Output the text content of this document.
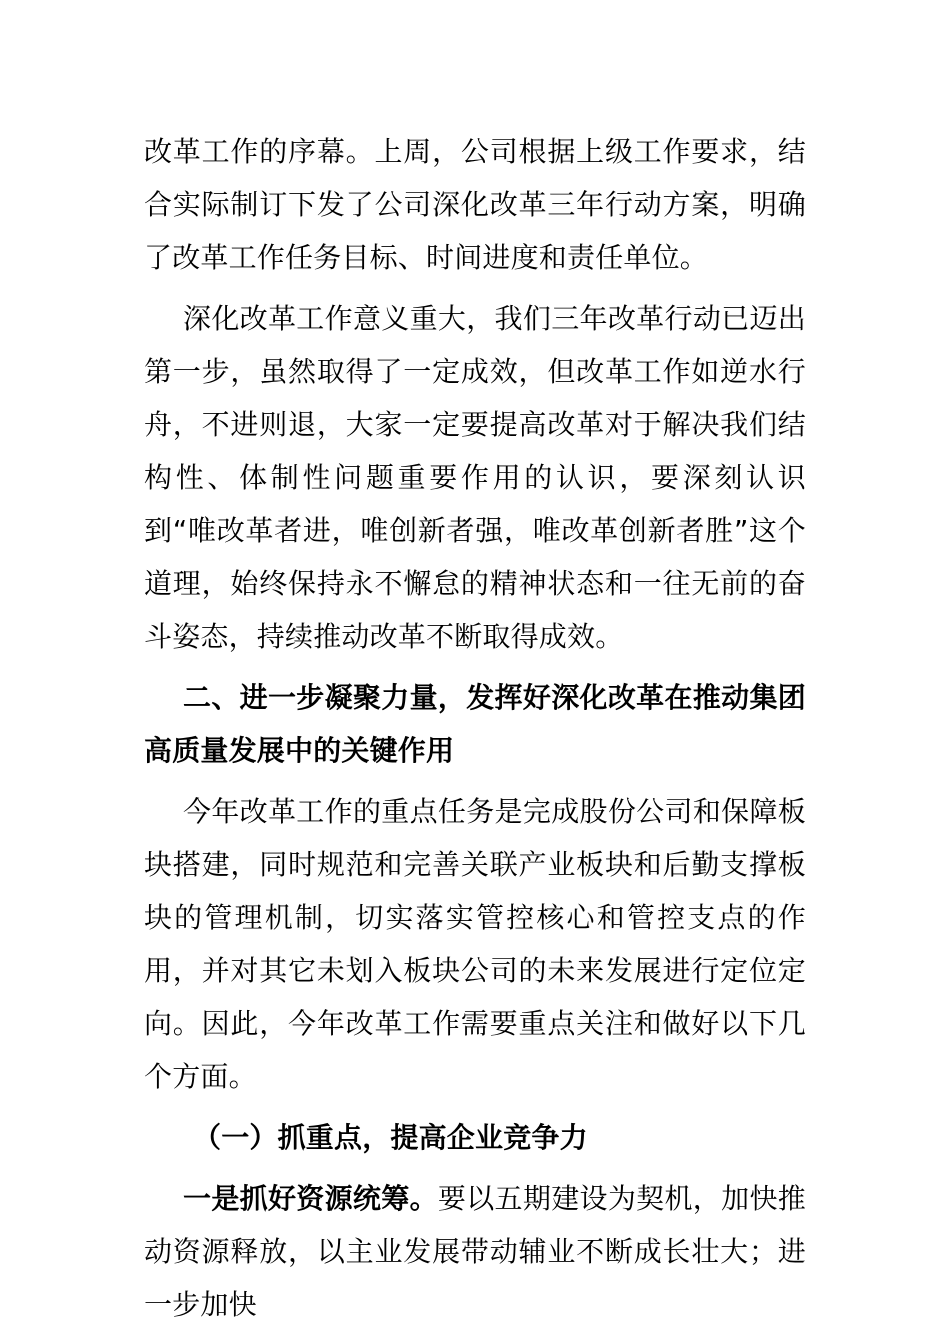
改革工作的序幕。上周，公司根据上级工作要求，结合实际制订下发了公司深化改革三年行动方案，明确了改革工作任务目标、时间进度和责任单位。

深化改革工作意义重大，我们三年改革行动已迈出第一步，虽然取得了一定成效，但改革工作如逆水行舟，不进则退，大家一定要提高改革对于解决我们结构性、体制性问题重要作用的认识，要深刻认识到“唯改革者进，唯创新者强，唯改革创新者胜”这个道理，始终保持永不懈怠的精神状态和一往无前的奋斗姿态，持续推动改革不断取得成效。

二、进一步凝聚力量，发挥好深化改革在推动集团高质量发展中的关键作用

今年改革工作的重点任务是完成股份公司和保障板块搭建，同时规范和完善关联产业板块和后勤支撑板块的管理机制，切实落实管控核心和管控支点的作用，并对其它未划入板块公司的未来发展进行定位定向。因此，今年改革工作需要重点关注和做好以下几个方面。

（一）抓重点，提高企业竞争力

一是抓好资源统筹。要以五期建设为契机，加快推动资源释放，以主业发展带动辅业不断成长壮大；进一步加快
